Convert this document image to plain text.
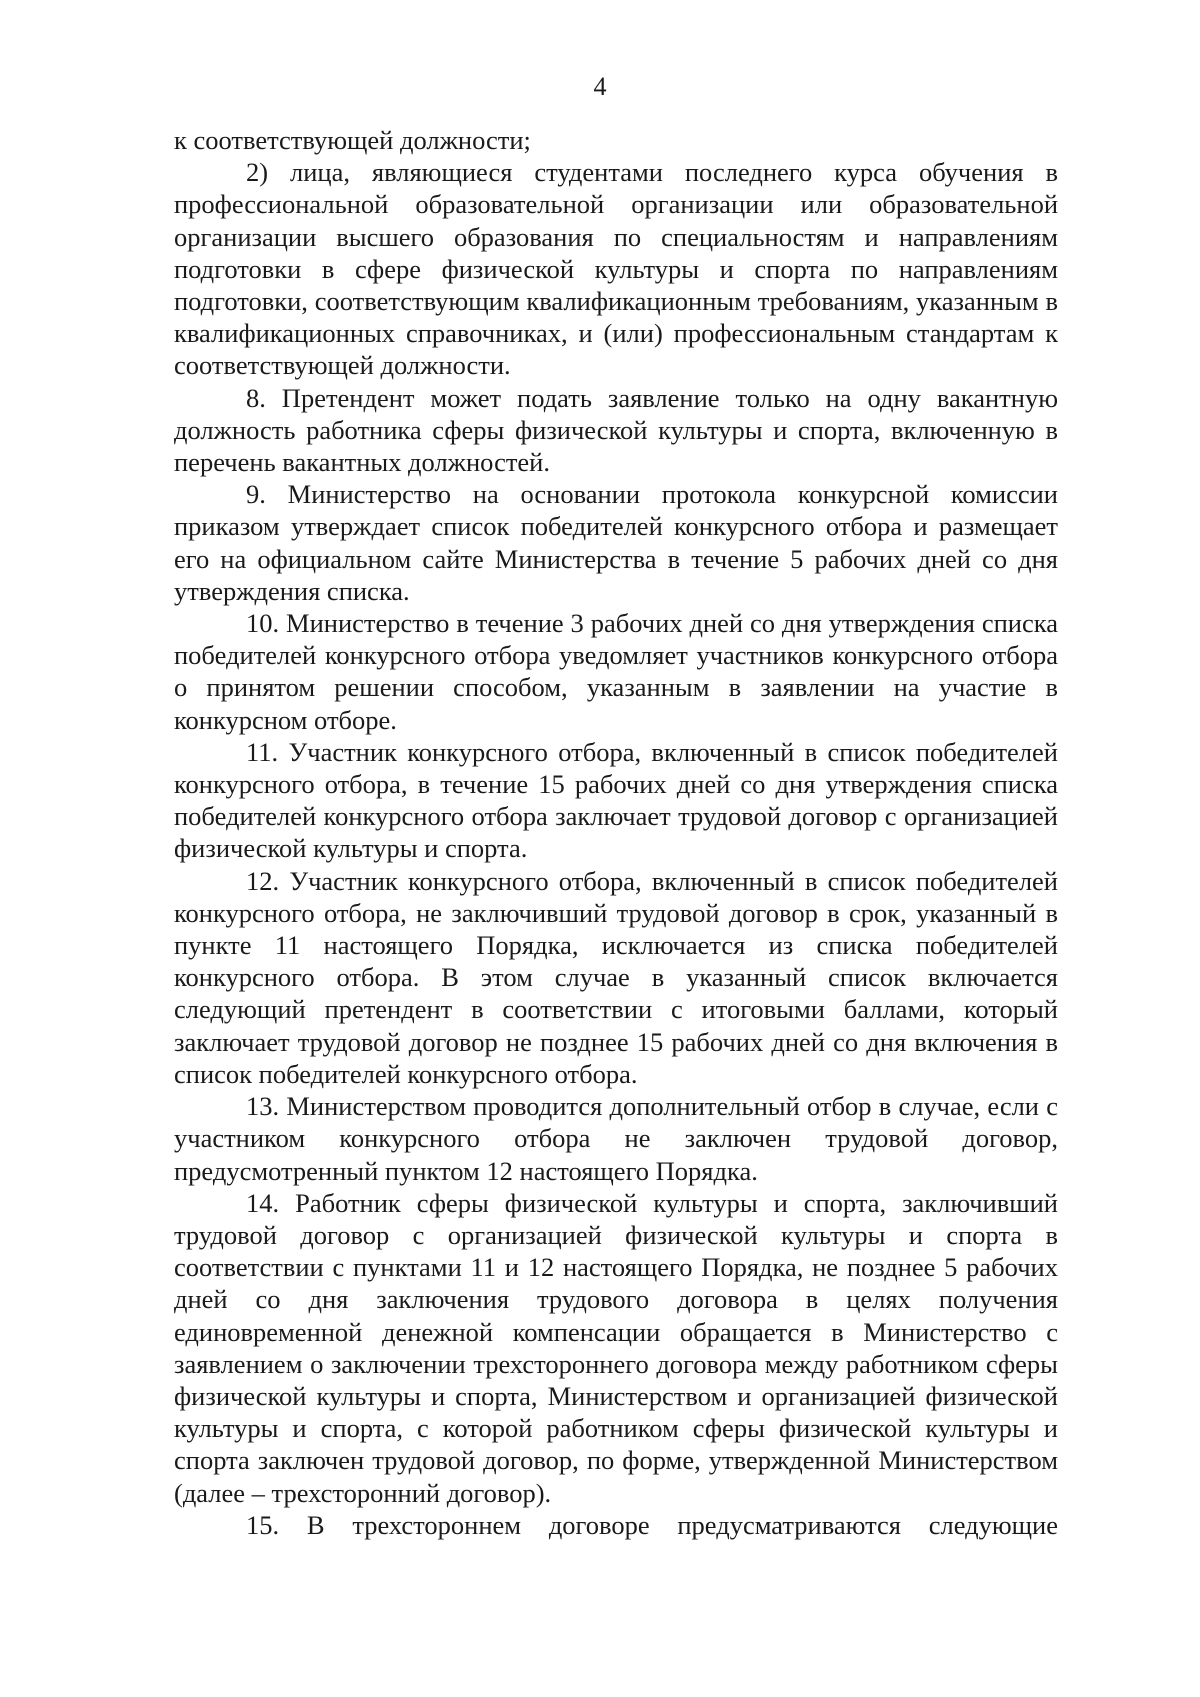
4

к соответствующей должности;

2) лица, являющиеся студентами последнего курса обучения в профессиональной образовательной организации или образовательной организации высшего образования по специальностям и направлениям подготовки в сфере физической культуры и спорта по направлениям подготовки, соответствующим квалификационным требованиям, указанным в квалификационных справочниках, и (или) профессиональным стандартам к соответствующей должности.

8. Претендент может подать заявление только на одну вакантную должность работника сферы физической культуры и спорта, включенную в перечень вакантных должностей.

9. Министерство на основании протокола конкурсной комиссии приказом утверждает список победителей конкурсного отбора и размещает его на официальном сайте Министерства в течение 5 рабочих дней со дня утверждения списка.

10. Министерство в течение 3 рабочих дней со дня утверждения списка победителей конкурсного отбора уведомляет участников конкурсного отбора о принятом решении способом, указанным в заявлении на участие в конкурсном отборе.

11. Участник конкурсного отбора, включенный в список победителей конкурсного отбора, в течение 15 рабочих дней со дня утверждения списка победителей конкурсного отбора заключает трудовой договор с организацией физической культуры и спорта.

12. Участник конкурсного отбора, включенный в список победителей конкурсного отбора, не заключивший трудовой договор в срок, указанный в пункте 11 настоящего Порядка, исключается из списка победителей конкурсного отбора. В этом случае в указанный список включается следующий претендент в соответствии с итоговыми баллами, который заключает трудовой договор не позднее 15 рабочих дней со дня включения в список победителей конкурсного отбора.

13. Министерством проводится дополнительный отбор в случае, если с участником конкурсного отбора не заключен трудовой договор, предусмотренный пунктом 12 настоящего Порядка.

14. Работник сферы физической культуры и спорта, заключивший трудовой договор с организацией физической культуры и спорта в соответствии с пунктами 11 и 12 настоящего Порядка, не позднее 5 рабочих дней со дня заключения трудового договора в целях получения единовременной денежной компенсации обращается в Министерство с заявлением о заключении трехстороннего договора между работником сферы физической культуры и спорта, Министерством и организацией физической культуры и спорта, с которой работником сферы физической культуры и спорта заключен трудовой договор, по форме, утвержденной Министерством (далее – трехсторонний договор).

15. В трехстороннем договоре предусматриваются следующие
